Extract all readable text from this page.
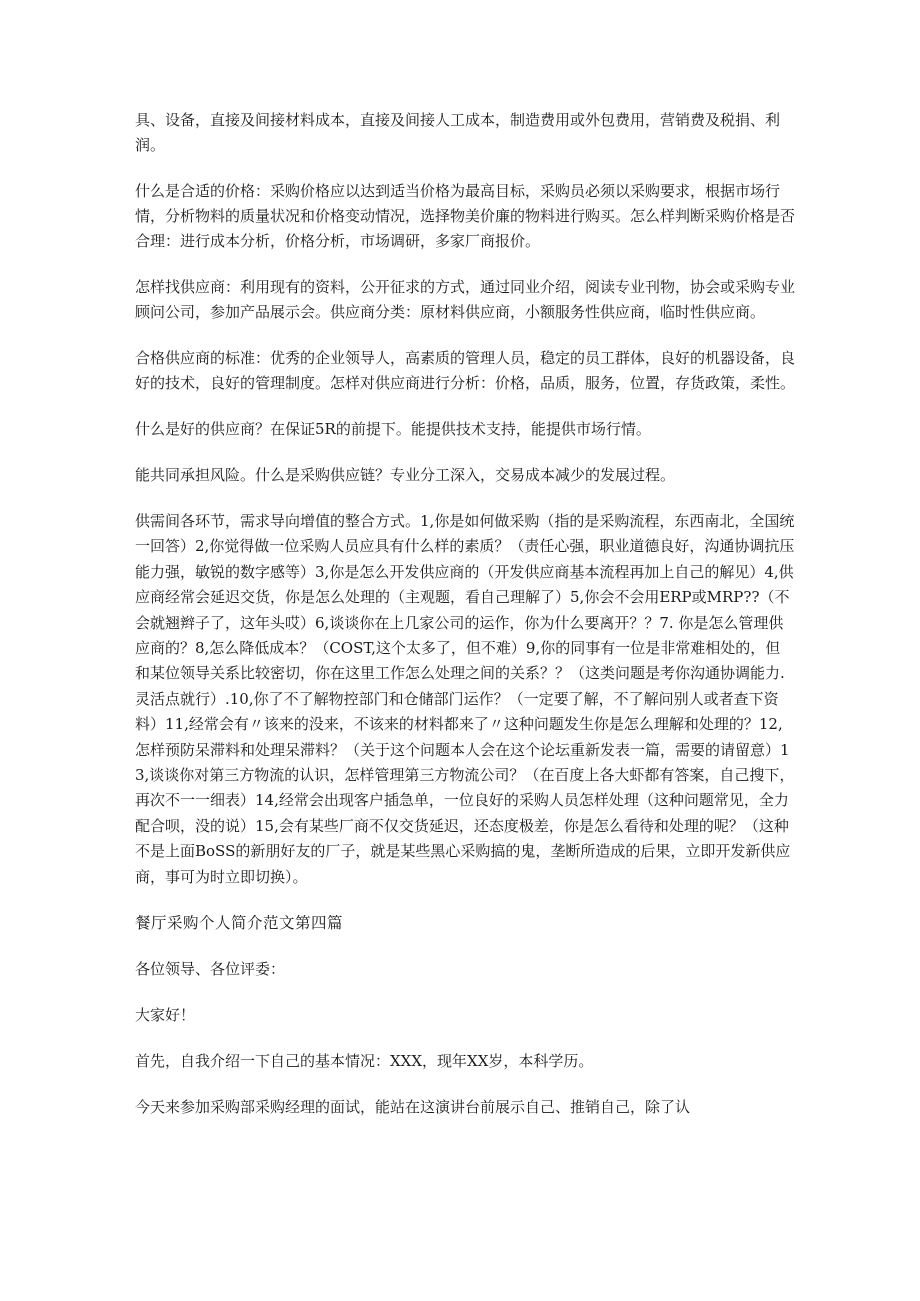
具、设备，直接及间接材料成本，直接及间接人工成本，制造费用或外包费用，营销费及税捐、利润。

什么是合适的价格：采购价格应以达到适当价格为最高目标，采购员必须以采购要求，根据市场行情，分析物料的质量状况和价格变动情况，选择物美价廉的物料进行购买。怎么样判断采购价格是否合理：进行成本分析，价格分析，市场调研，多家厂商报价。

怎样找供应商：利用现有的资料，公开征求的方式，通过同业介绍，阅读专业刊物，协会或采购专业顾问公司，参加产品展示会。供应商分类：原材料供应商，小额服务性供应商，临时性供应商。

合格供应商的标准：优秀的企业领导人，高素质的管理人员，稳定的员工群体，良好的机器设备，良好的技术，良好的管理制度。怎样对供应商进行分析：价格，品质，服务，位置，存货政策，柔性。

什么是好的供应商？在保证5R的前提下。能提供技术支持，能提供市场行情。

能共同承担风险。什么是采购供应链？专业分工深入，交易成本减少的发展过程。

供需间各环节，需求导向增值的整合方式。1,你是如何做采购（指的是采购流程，东西南北，全国统一回答）2,你觉得做一位采购人员应具有什么样的素质？（责任心强，职业道德良好，沟通协调抗压能力强，敏锐的数字感等）3,你是怎么开发供应商的（开发供应商基本流程再加上自己的解见）4,供应商经常会延迟交货，你是怎么处理的（主观题，看自己理解了）5,你会不会用ERP或MRP??（不会就翘辫子了，这年头哎）6,谈谈你在上几家公司的运作，你为什么要离开？？7. 你是怎么管理供应商的？8,怎么降低成本？（COST,这个太多了，但不难）9,你的同事有一位是非常难相处的，但和某位领导关系比较密切，你在这里工作怎么处理之间的关系？？（这类问题是考你沟通协调能力. 灵活点就行）.10,你了不了解物控部门和仓储部门运作？（一定要了解，不了解问别人或者查下资料）11,经常会有〃该来的没来，不该来的材料都来了〃这种问题发生你是怎么理解和处理的？12,怎样预防呆滞料和处理呆滞料？（关于这个问题本人会在这个论坛重新发表一篇，需要的请留意）13,谈谈你对第三方物流的认识，怎样管理第三方物流公司？（在百度上各大虾都有答案，自己搜下，再次不一一细表）14,经常会出现客户插急单，一位良好的采购人员怎样处理（这种问题常见，全力配合呗，没的说）15,会有某些厂商不仅交货延迟，还态度极差，你是怎么看待和处理的呢？（这种不是上面BoSS的新朋好友的厂子，就是某些黑心采购搞的鬼，垄断所造成的后果，立即开发新供应商，事可为时立即切换）。

餐厅采购个人简介范文第四篇

各位领导、各位评委：

大家好！

首先，自我介绍一下自己的基本情况：XXX，现年XX岁，本科学历。

今天来参加采购部采购经理的面试，能站在这演讲台前展示自己、推销自己，除了认
